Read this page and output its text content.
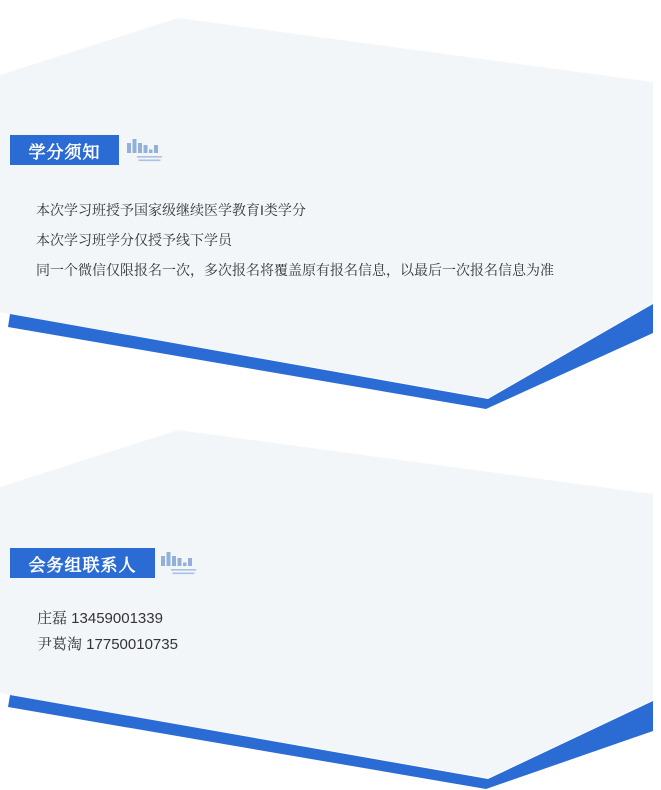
学分须知
本次学习班授予国家级继续医学教育I类学分
本次学习班学分仅授予线下学员
同一个微信仅限报名一次，多次报名将覆盖原有报名信息，以最后一次报名信息为准
会务组联系人
庄磊 13459001339
尹葛淘 17750010735
